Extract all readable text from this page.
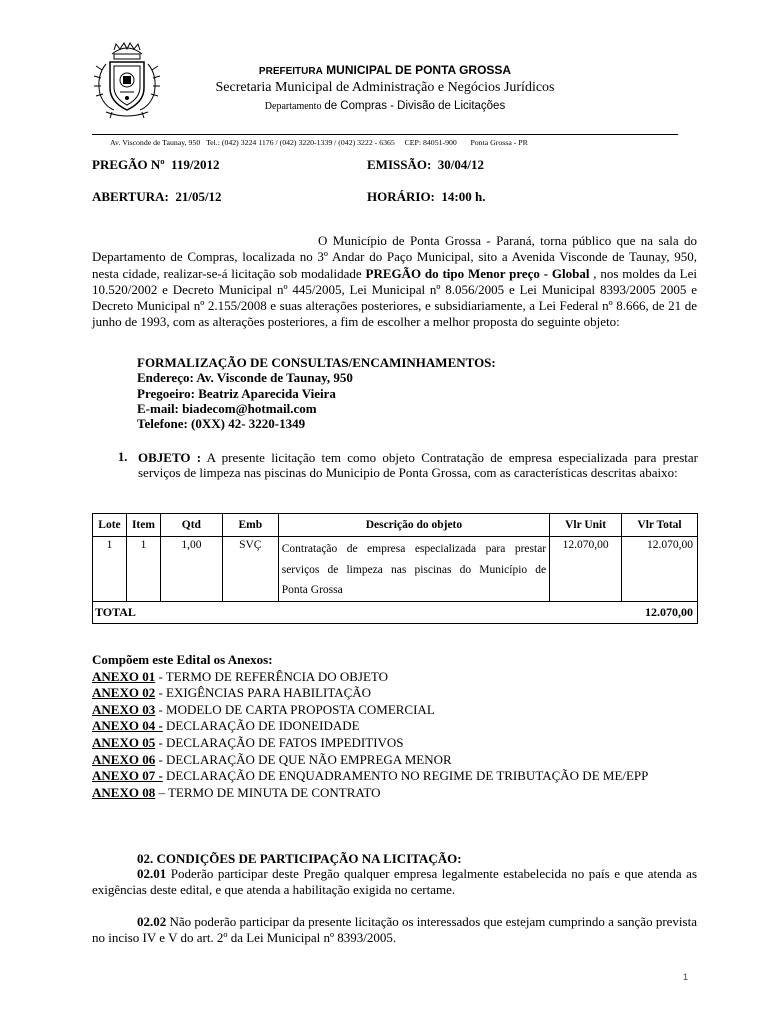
PREFEITURA MUNICIPAL DE PONTA GROSSA
Secretaria Municipal de Administração e Negócios Jurídicos
Departamento de Compras - Divisão de Licitações
Av. Visconde de Taunay, 950 Tel.: (042) 3224 1176 / (042) 3220-1339 / (042) 3222 - 6365 CEP: 84051-900 Ponta Grossa - PR
PREGÃO Nº 119/2012	EMISSÃO: 30/04/12
ABERTURA: 21/05/12	HORÁRIO: 14:00 h.
O Município de Ponta Grossa - Paraná, torna público que na sala do Departamento de Compras, localizada no 3º Andar do Paço Municipal, sito a Avenida Visconde de Taunay, 950, nesta cidade, realizar-se-á licitação sob modalidade PREGÃO do tipo Menor preço - Global , nos moldes da Lei 10.520/2002 e Decreto Municipal nº 445/2005, Lei Municipal nº 8.056/2005 e Lei Municipal 8393/2005 2005 e Decreto Municipal nº 2.155/2008 e suas alterações posteriores, e subsidiariamente, a Lei Federal nº 8.666, de 21 de junho de 1993, com as alterações posteriores, a fim de escolher a melhor proposta do seguinte objeto:
FORMALIZAÇÃO DE CONSULTAS/ENCAMINHAMENTOS:
Endereço: Av. Visconde de Taunay, 950
Pregoeiro: Beatriz Aparecida Vieira
E-mail: biadecom@hotmail.com
Telefone: (0XX) 42- 3220-1349
1. OBJETO : A presente licitação tem como objeto Contratação de empresa especializada para prestar serviços de limpeza nas piscinas do Municipio de Ponta Grossa, com as características descritas abaixo:
Lote	Item	Qtd	Emb	Descrição do objeto	Vlr Unit	Vlr Total
1	1	1,00	SVÇ	Contratação de empresa especializada para prestar
serviços de limpeza nas piscinas do Município de
Ponta Grossa	12.070,00	12.070,00
TOTAL						12.070,00
Compõem este Edital os Anexos:
ANEXO 01 - TERMO DE REFERÊNCIA DO OBJETO
ANEXO 02 - EXIGÊNCIAS PARA HABILITAÇÃO
ANEXO 03 - MODELO DE CARTA PROPOSTA COMERCIAL
ANEXO 04 - DECLARAÇÃO DE IDONEIDADE
ANEXO 05 - DECLARAÇÃO DE FATOS IMPEDITIVOS
ANEXO 06 - DECLARAÇÃO DE QUE NÃO EMPREGA MENOR
ANEXO 07 - DECLARAÇÃO DE ENQUADRAMENTO NO REGIME DE TRIBUTAÇÃO DE ME/EPP
ANEXO 08 – TERMO DE MINUTA DE CONTRATO
02. CONDIÇÕES DE PARTICIPAÇÃO NA LICITAÇÃO:
02.01 Poderão participar deste Pregão qualquer empresa legalmente estabelecida no país e que atenda as exigências deste edital, e que atenda a habilitação exigida no certame.
02.02 Não poderão participar da presente licitação os interessados que estejam cumprindo a sanção prevista no inciso IV e V do art. 2º da Lei Municipal nº 8393/2005.
1
